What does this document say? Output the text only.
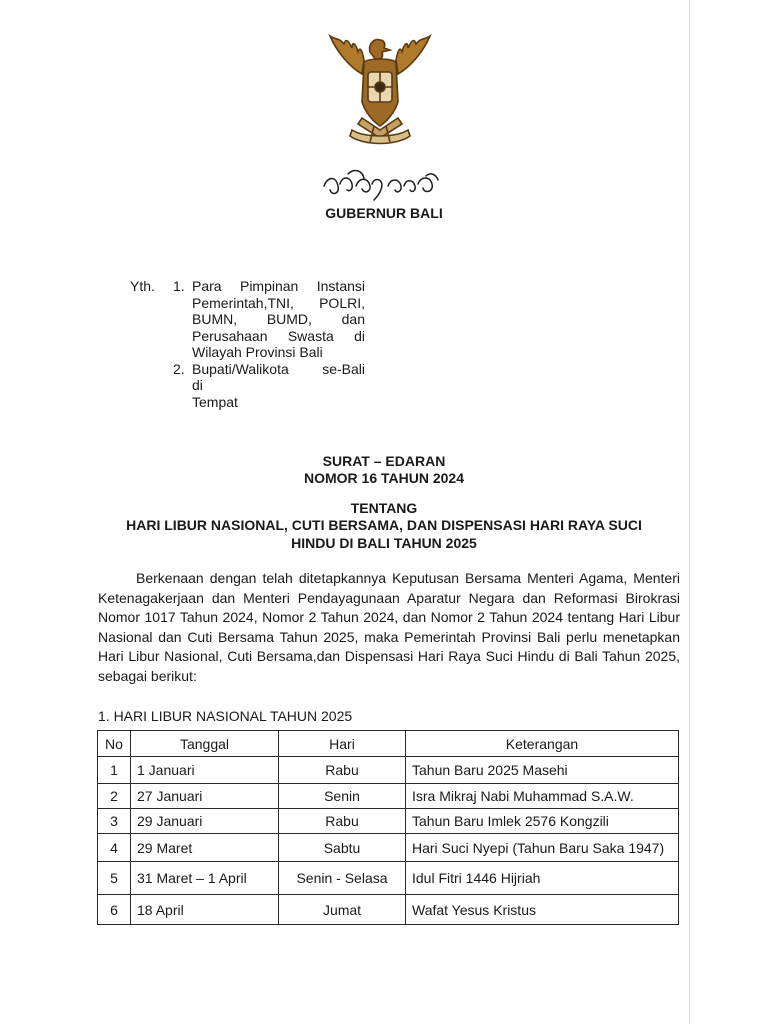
GUBERNUR BALI
Yth.	1. Para Pimpinan Instansi
Pemerintah,TNI, POLRI,
BUMN, BUMD, dan
Perusahaan Swasta di
Wilayah Provinsi Bali
2. Bupati/Walikota se-Bali
di
Tempat
SURAT – EDARAN
NOMOR 16 TAHUN 2024
TENTANG
HARI LIBUR NASIONAL, CUTI BERSAMA, DAN DISPENSASI HARI RAYA SUCI
HINDU DI BALI TAHUN 2025
Berkenaan dengan telah ditetapkannya Keputusan Bersama Menteri Agama, Menteri Ketenagakerjaan dan Menteri Pendayagunaan Aparatur Negara dan Reformasi Birokrasi Nomor 1017 Tahun 2024, Nomor 2 Tahun 2024, dan Nomor 2 Tahun 2024 tentang Hari Libur Nasional dan Cuti Bersama Tahun 2025, maka Pemerintah Provinsi Bali perlu menetapkan Hari Libur Nasional, Cuti Bersama,dan Dispensasi Hari Raya Suci Hindu di Bali Tahun 2025, sebagai berikut:
1. HARI LIBUR NASIONAL TAHUN 2025
No	Tanggal	Hari	Keterangan
1	1 Januari	Rabu	Tahun Baru 2025 Masehi
2	27 Januari	Senin	Isra Mikraj Nabi Muhammad S.A.W.
3	29 Januari	Rabu	Tahun Baru Imlek 2576 Kongzili
4	29 Maret	Sabtu	Hari Suci Nyepi (Tahun Baru Saka 1947)
5	31 Maret – 1 April	Senin - Selasa	Idul Fitri 1446 Hijriah
6	18 April	Jumat	Wafat Yesus Kristus
